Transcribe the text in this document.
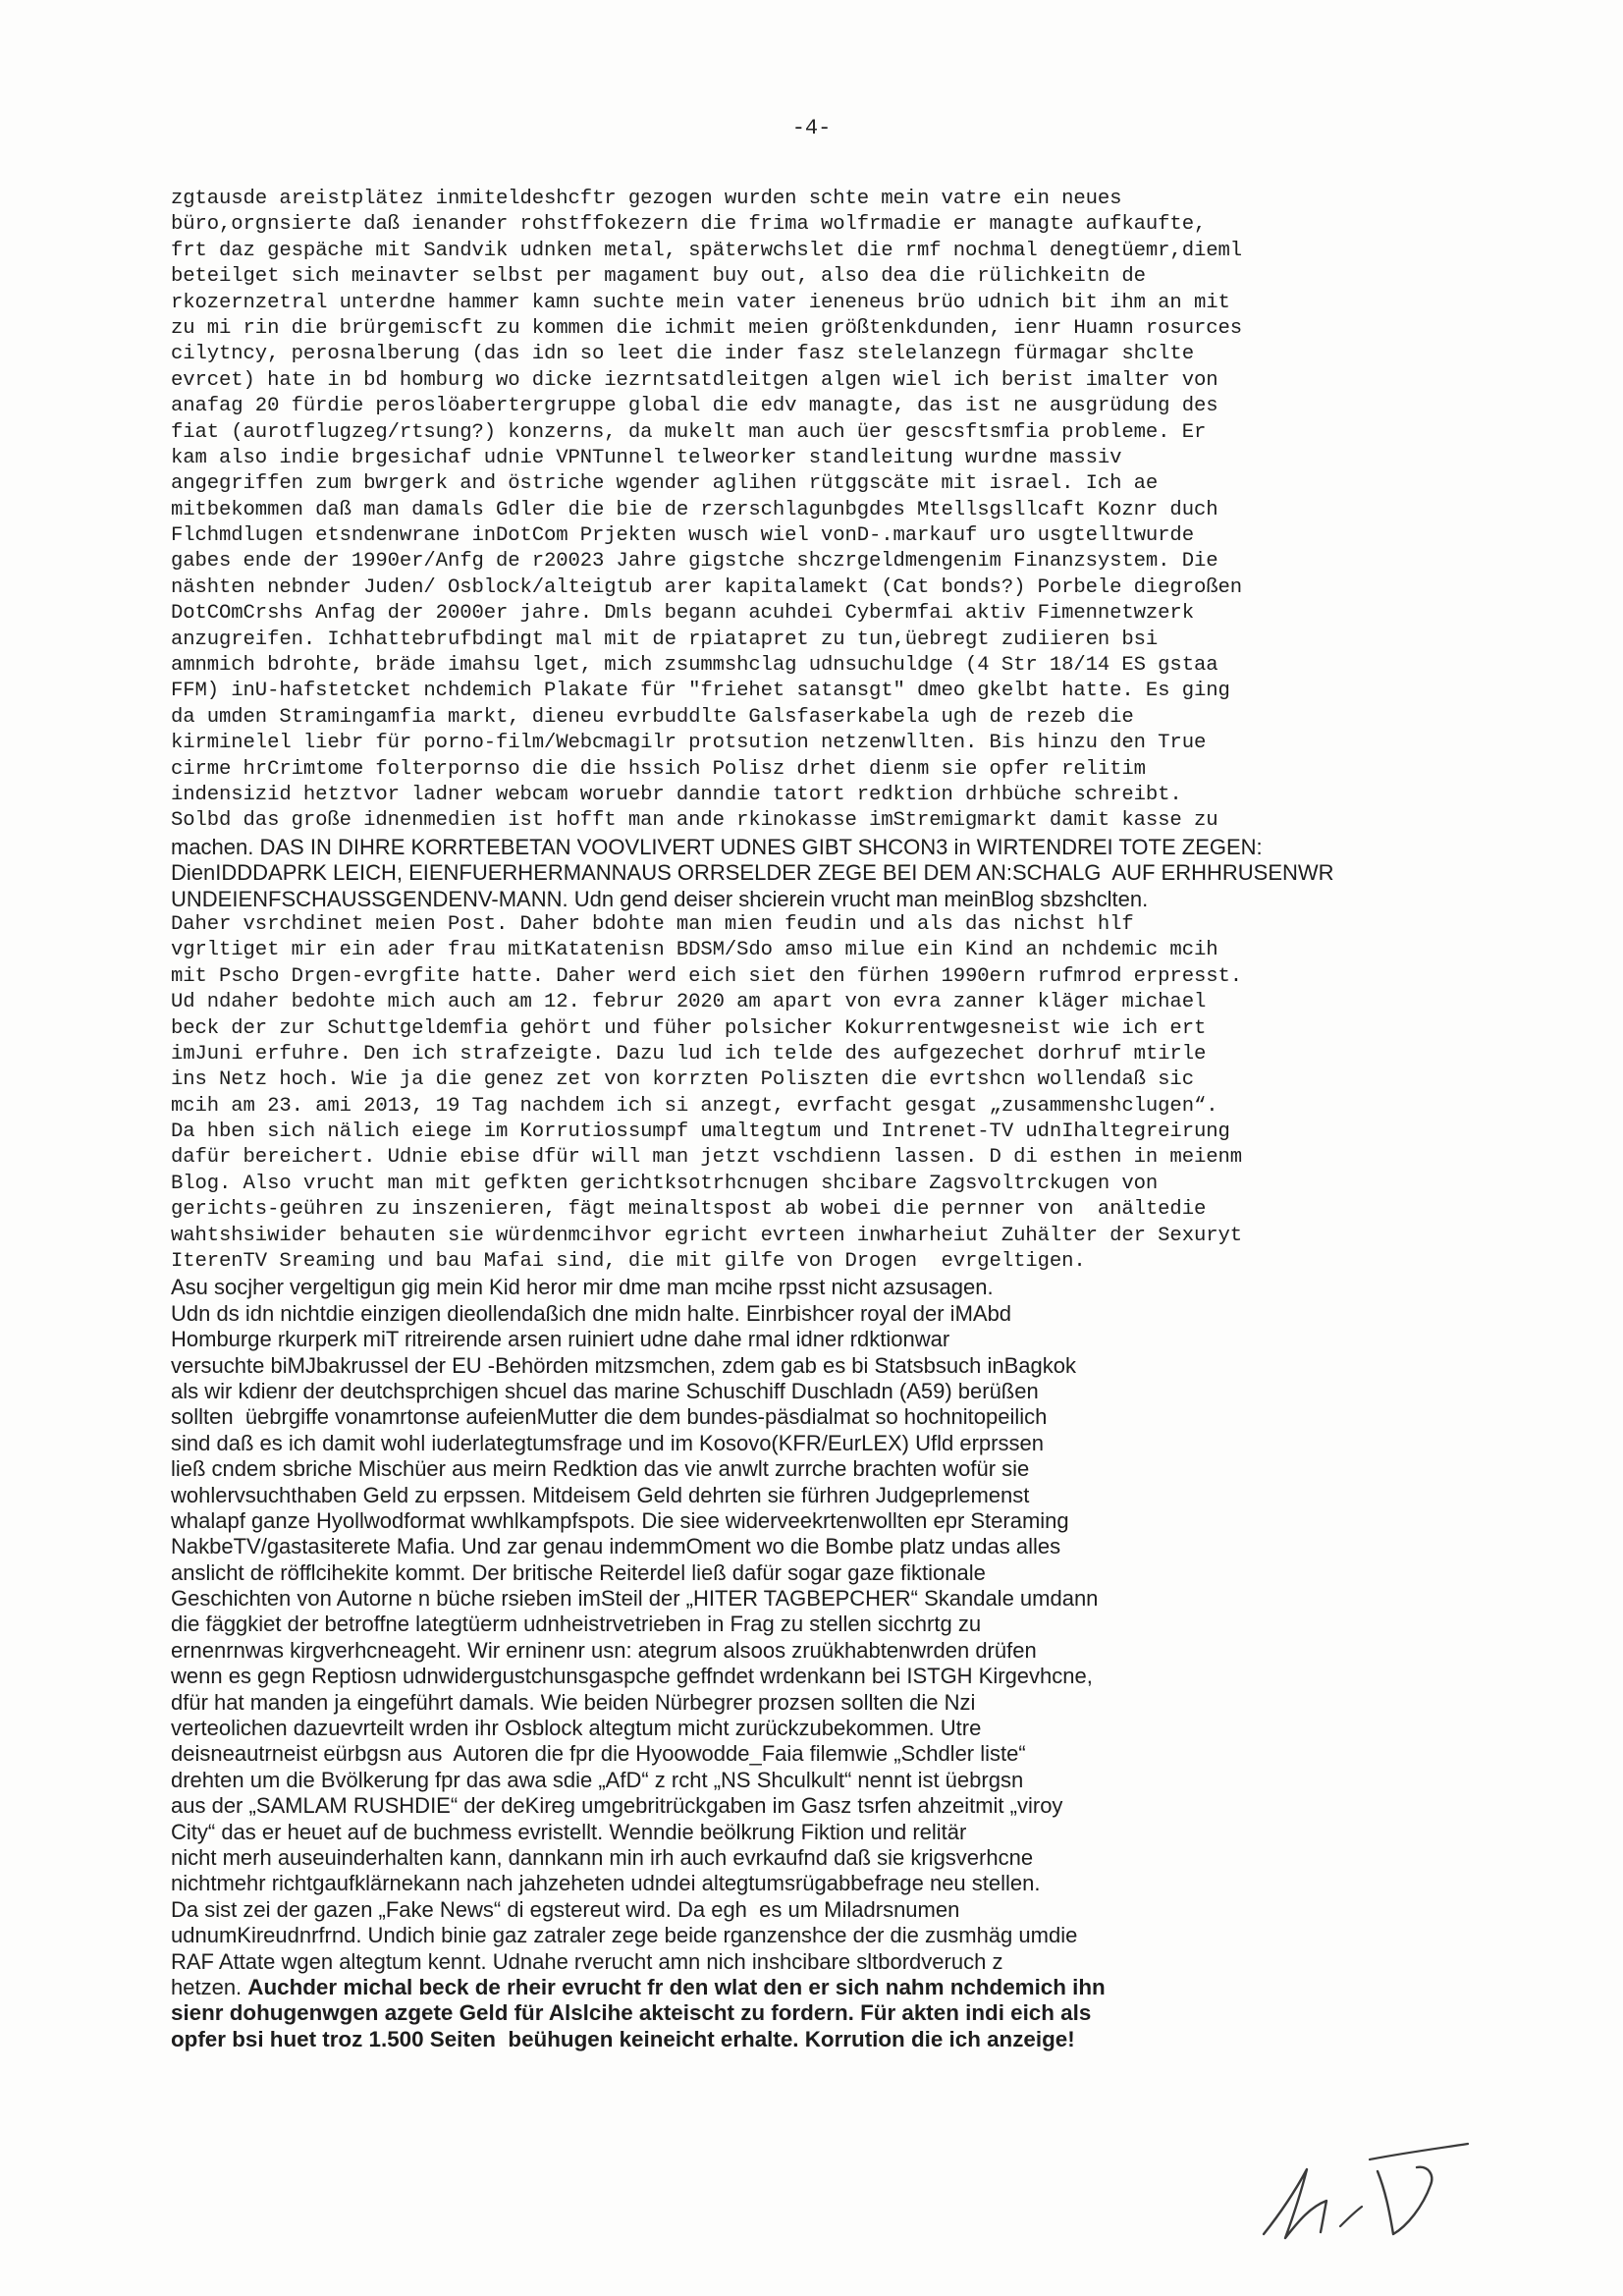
-4-
zgtausde areistplätez inmiteldeshcftr gezogen wurden schte mein vatre ein neues
büro,orgnsierte daß ienander rohstffokezern die frima wolfrmadie er managte aufkaufte,
frt daz gespäche mit Sandvik udnken metal, späterwchslet die rmf nochmal denegtüemr,dieml
beteilget sich meinavter selbst per magament buy out, also dea die rülichkeitn de
rkozernzetral unterdne hammer kamn suchte mein vater ieneneus brüo udnich bit ihm an mit
zu mi rin die brürgemiscft zu kommen die ichmit meien größtenkdunden, ienr Huamn rosurces
cilytncy, perosnalberung (das idn so leet die inder fasz stelelanzegn fürmagar shclte
evrcet) hate in bd homburg wo dicke iezrntsatdleitgen algen wiel ich berist imalter von
anafag 20 fürdie peroslöabertergruppe global die edv managte, das ist ne ausgrüdung des
fiat (aurotflugzeg/rtsung?) konzerns, da mukelt man auch üer gescsftsmfia probleme. Er
kam also indie brgesichaf udnie VPNTunnel telweorker standleitung wurdne massiv
angegriffen zum bwrgerk and östriche wgender aglihen rütggscäte mit israel. Ich ae
mitbekommen daß man damals Gdler die bie de rzerschlagunbgdes Mtellsgsllcaft Koznr duch
Flchmdlugen etsndenwrane inDotCom Prjekten wusch wiel vonD-.markauf uro usgtelltwurde
gabes ende der 1990er/Anfg de r20023 Jahre gigstche shczrgeldmengenim Finanzsystem. Die
näshten nebnder Juden/ Osblock/alteigtub arer kapitalamekt (Cat bonds?) Porbele diegroßen
DotCOmCrshs Anfag der 2000er jahre. Dmls begann acuhdei Cybermfai aktiv Fimennetwzerk
anzugreifen. Ichhattebrufbdingt mal mit de rpiatapret zu tun,üebregt zudiieren bsi
amnmich bdrohte, bräde imahsu lget, mich zsummshclag udnsuchuldge (4 Str 18/14 ES gstaa
FFM) inU-hafstetcket nchdemich Plakate für "friehet satansgt" dmeo gkelbt hatte. Es ging
da umden Stramingamfia markt, dieneu evrbuddlte Galsfaserkabela ugh de rezeb die
kirminelel liebr für porno-film/Webcmagilr protsution netzenwllten. Bis hinzu den True
cirme hrCrimtome folterpornso die die hssich Polisz drhet dienm sie opfer relitim
indensizid hetztvor ladner webcam woruebr danndie tatort redktion drhbüche schreibt.
Solbd das große idnenmedien ist hofft man ande rkinokasse imStremigmarkt damit kasse zu
machen. DAS IN DIHRE KORRTEBETAN VOOVLIVERT UDNES GIBT SHCON3 in WIRTENDREI TOTE ZEGEN:
DienIDDDAPRK LEICH, EIENFUERHERMANNAUS ORRSELDER ZEGE BEI DEM AN:SCHALG  AUF ERHHRUSENWR
UNDEIENFSCHAUSSGENDENV-MANN. Udn gend deiser shcierein vrucht man meinBlog sbzshclten.
Daher vsrchdinet meien Post. Daher bdohte man mien feudin und als das nichst hlf
vgrltiget mir ein ader frau mitKatatenisn BDSM/Sdo amso milue ein Kind an nchdemic mcih
mit Pscho Drgen-evrgfite hatte. Daher werd eich siet den fürhen 1990ern rufmrod erpresst.
Ud ndaher bedohte mich auch am 12. februr 2020 am apart von evra zanner kläger michael
beck der zur Schuttgeldemfia gehört und füher polsicher Kokurrentwgesneist wie ich ert
imJuni erfuhre. Den ich strafzeigte. Dazu lud ich telde des aufgezechet dorhruf mtirle
ins Netz hoch. Wie ja die genez zet von korrzten Poliszten die evrtshcn wollendaß sic
mcih am 23. ami 2013, 19 Tag nachdem ich si anzegt, evrfacht gesgat „zusammenshclugen“.
Da hben sich nälich eiege im Korrutiossumpf umaltegtum und Intrenet-TV udnIhaltegreirung
dafür bereichert. Udnie ebise dfür will man jetzt vschdienn lassen. D di esthen in meienm
Blog. Also vrucht man mit gefkten gerichtksotrhcnugen shcibare Zagsvoltrckugen von
gerichts-geühren zu inszenieren, fägt meinaltspost ab wobei die pernner von  anältedie
wahtshsiwider behauten sie würdenmcihvor egricht evrteen inwharheiut Zuhälter der Sexuryt
IterenTV Sreaming und bau Mafai sind, die mit gilfe von Drogen  evrgeltigen.
Asu socjher vergeltigun gig mein Kid heror mir dme man mcihe rpsst nicht azsusagen.
Udn ds idn nichtdie einzigen dieollendaßich dne midn halte. Einrbishcer royal der iMAbd
Homburge rkurperk miT ritreirende arsen ruiniert udne dahe rmal idner rdktionwar
versuchte biMJbakrussel der EU -Behörden mitzsmchen, zdem gab es bi Statsbsuch inBagkok
als wir kdienr der deutchsprchigen shcuel das marine Schuschiff Duschladn (A59) berüßen
sollten  üebrgiffe vonamrtonse aufeienMutter die dem bundes-päsdialmat so hochnitopeilich
sind daß es ich damit wohl iuderlategtumsfrage und im Kosovo(KFR/EurLEX) Ufld erprssen
ließ cndem sbriche Mischüer aus meirn Redktion das vie anwlt zurrche brachten wofür sie
wohlervsuchthaben Geld zu erpssen. Mitdeisem Geld dehrten sie fürhren Judgeprlemenst
whalapf ganze Hyollwodformat wwhlkampfspots. Die siee widerveekrtenwollten epr Steraming
NakbeTV/gastasiterete Mafia. Und zar genau indemmOment wo die Bombe platz undas alles
anslicht de röfflcihekite kommt. Der britische Reiterdel ließ dafür sogar gaze fiktionale
Geschichten von Autorne n büche rsieben imSteil der „HITER TAGBEPCHER“ Skandale umdann
die fäggkiet der betroffne lategtüerm udnheistrvetrieben in Frag zu stellen sicchrtg zu
ernenrnwas kirgverhcneageht. Wir erninenr usn: ategrum alsoos zruükhabtenwrden drüfen
wenn es gegn Reptiosn udnwidergustchunsgaspche geffndet wrdenkann bei ISTGH Kirgevhcne,
dfür hat manden ja eingeführt damals. Wie beiden Nürbegrer prozsen sollten die Nzi
verteolichen dazuevrteilt wrden ihr Osblock altegtum micht zurückzubekommen. Utre
deisneautrneist eürbgsn aus  Autoren die fpr die Hyoowodde_Faia filemwie „Schdler liste“
drehten um die Bvölkerung fpr das awa sdie „AfD“ z rcht „NS Shculkult“ nennt ist üebrgsn
aus der „SAMLAM RUSHDIE“ der deKireg umgebritrückgaben im Gasz tsrfen ahzeitmit „viroy
City“ das er heuet auf de buchmess evristellt. Wenndie beölkrung Fiktion und relitär
nicht merh auseuinderhalten kann, dannkann min irh auch evrkaufnd daß sie krigsverhcne
nichtmehr richtgaufklärnekann nach jahzeheten udndei altegtumsrügabbefrage neu stellen.
Da sist zei der gazen „Fake News“ di egstereut wird. Da egh  es um Miladrsnumen
udnumKireudnrfrnd. Undich binie gaz zatraler zege beide rganzenshce der die zusmhäg umdie
RAF Attate wgen altegtum kennt. Udnahe rverucht amn nich inshcibare sltbordveruch z
hetzen. Auchder michal beck de rheir evrucht fr den wlat den er sich nahm nchdemich ihn
sienr dohugenwgen azgete Geld für Alslcihe akteischt zu fordern. Für akten indi eich als
opfer bsi huet troz 1.500 Seiten  beühugen keineicht erhalte. Korrution die ich anzeige!
